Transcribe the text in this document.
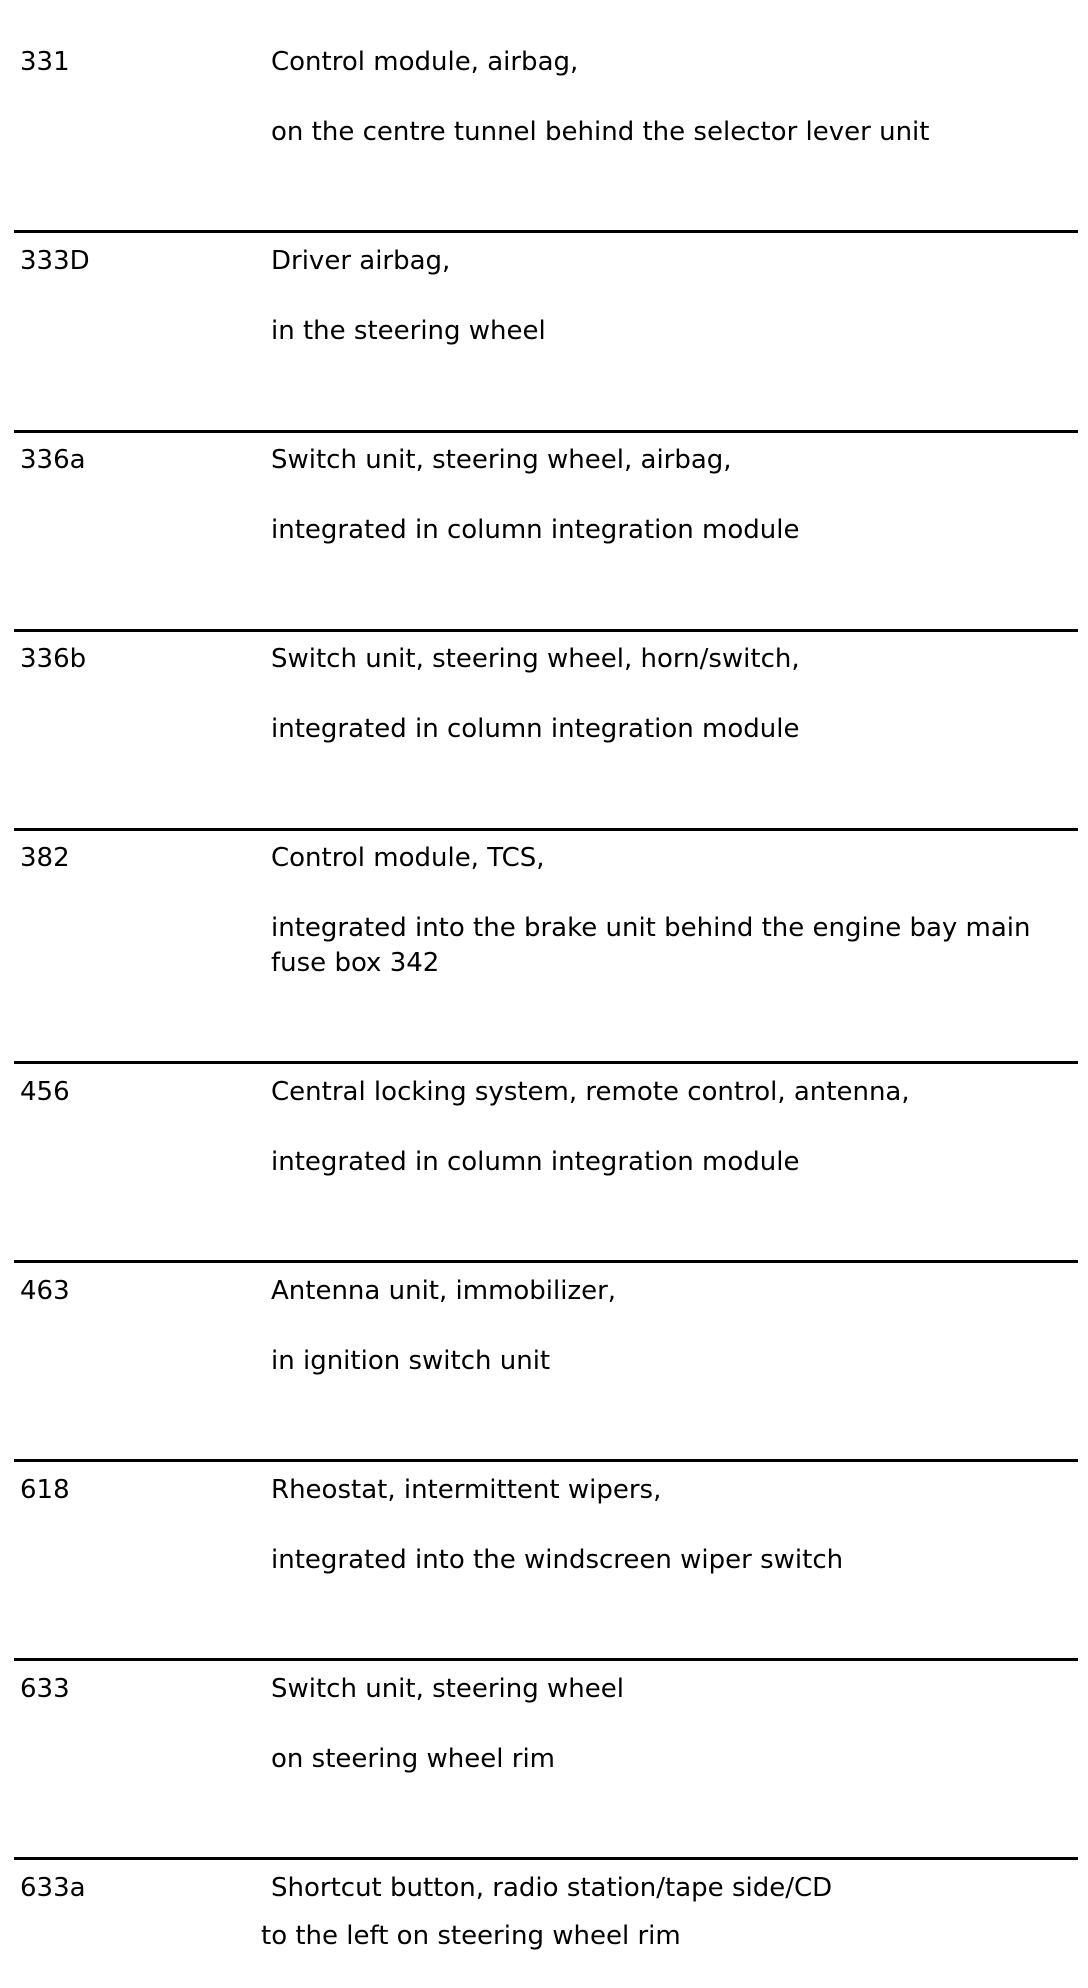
331	Control module, airbag,
on the centre tunnel behind the selector lever unit
333D	Driver airbag,
in the steering wheel
336a	Switch unit, steering wheel, airbag,
integrated in column integration module
336b	Switch unit, steering wheel, horn/switch,
integrated in column integration module
382	Control module, TCS,
integrated into the brake unit behind the engine bay main fuse box 342
456	Central locking system, remote control, antenna,
integrated in column integration module
463	Antenna unit, immobilizer,
in ignition switch unit
618	Rheostat, intermittent wipers,
integrated into the windscreen wiper switch
633	Switch unit, steering wheel
on steering wheel rim
633a	Shortcut button, radio station/tape side/CD
to the left on steering wheel rim
